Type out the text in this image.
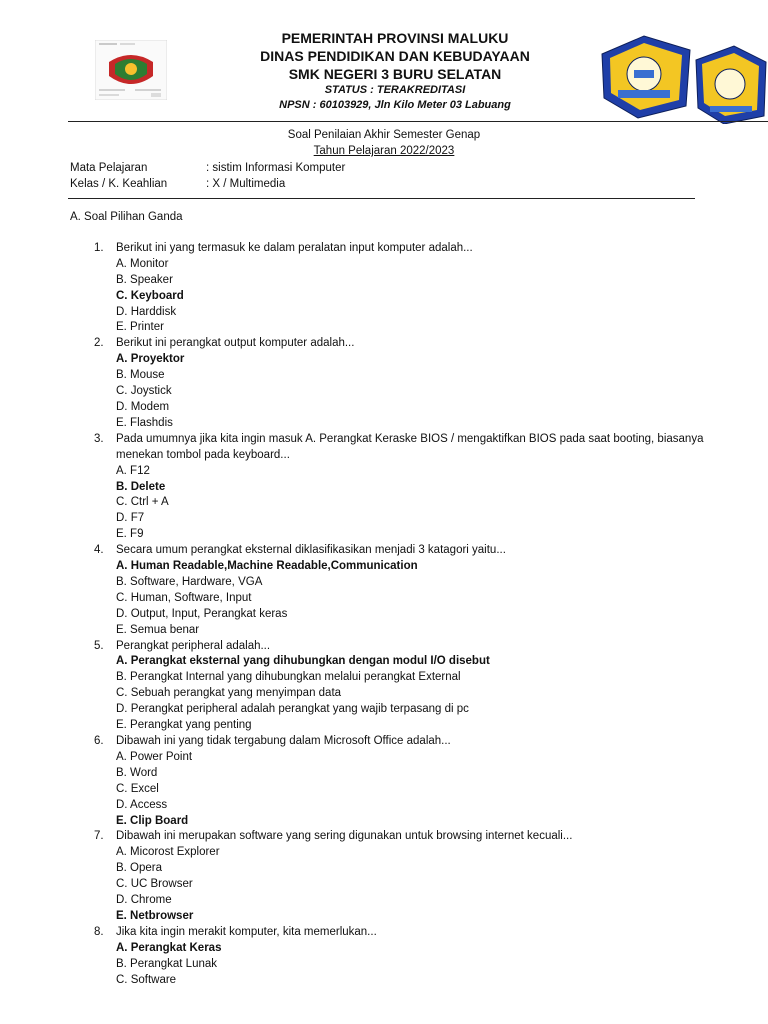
PEMERINTAH PROVINSI MALUKU
DINAS PENDIDIKAN DAN KEBUDAYAAN
SMK NEGERI 3 BURU SELATAN
STATUS : TERAKREDITASI
NPSN : 60103929, Jln Kilo Meter 03 Labuang
Soal Penilaian Akhir Semester Genap
Tahun Pelajaran 2022/2023
Mata Pelajaran	: sistim Informasi Komputer
Kelas / K. Keahlian	: X / Multimedia
A. Soal Pilihan Ganda
1. Berikut ini yang termasuk ke dalam peralatan input komputer adalah...
A. Monitor
B. Speaker
C. Keyboard
D. Harddisk
E. Printer
2. Berikut ini perangkat output komputer adalah...
A. Proyektor
B. Mouse
C. Joystick
D. Modem
E. Flashdis
3. Pada umumnya jika kita ingin masuk A. Perangkat Keraske BIOS / mengaktifkan BIOS pada saat booting, biasanya menekan tombol pada keyboard...
A. F12
B. Delete
C. Ctrl + A
D. F7
E. F9
4. Secara umum perangkat eksternal diklasifikasikan menjadi 3 katagori yaitu...
A. Human Readable,Machine Readable,Communication
B. Software, Hardware, VGA
C. Human, Software, Input
D. Output, Input, Perangkat keras
E. Semua benar
5. Perangkat peripheral adalah...
A. Perangkat eksternal yang dihubungkan dengan modul I/O disebut
B. Perangkat Internal yang dihubungkan melalui perangkat External
C. Sebuah perangkat yang menyimpan data
D. Perangkat peripheral adalah perangkat yang wajib terpasang di pc
E. Perangkat yang penting
6. Dibawah ini yang tidak tergabung dalam Microsoft Office adalah...
A. Power Point
B. Word
C. Excel
D. Access
E. Clip Board
7. Dibawah ini merupakan software yang sering digunakan untuk browsing internet kecuali...
A. Micorost Explorer
B. Opera
C. UC Browser
D. Chrome
E. Netbrowser
8. Jika kita ingin merakit komputer, kita memerlukan...
A. Perangkat Keras
B. Perangkat Lunak
C. Software
